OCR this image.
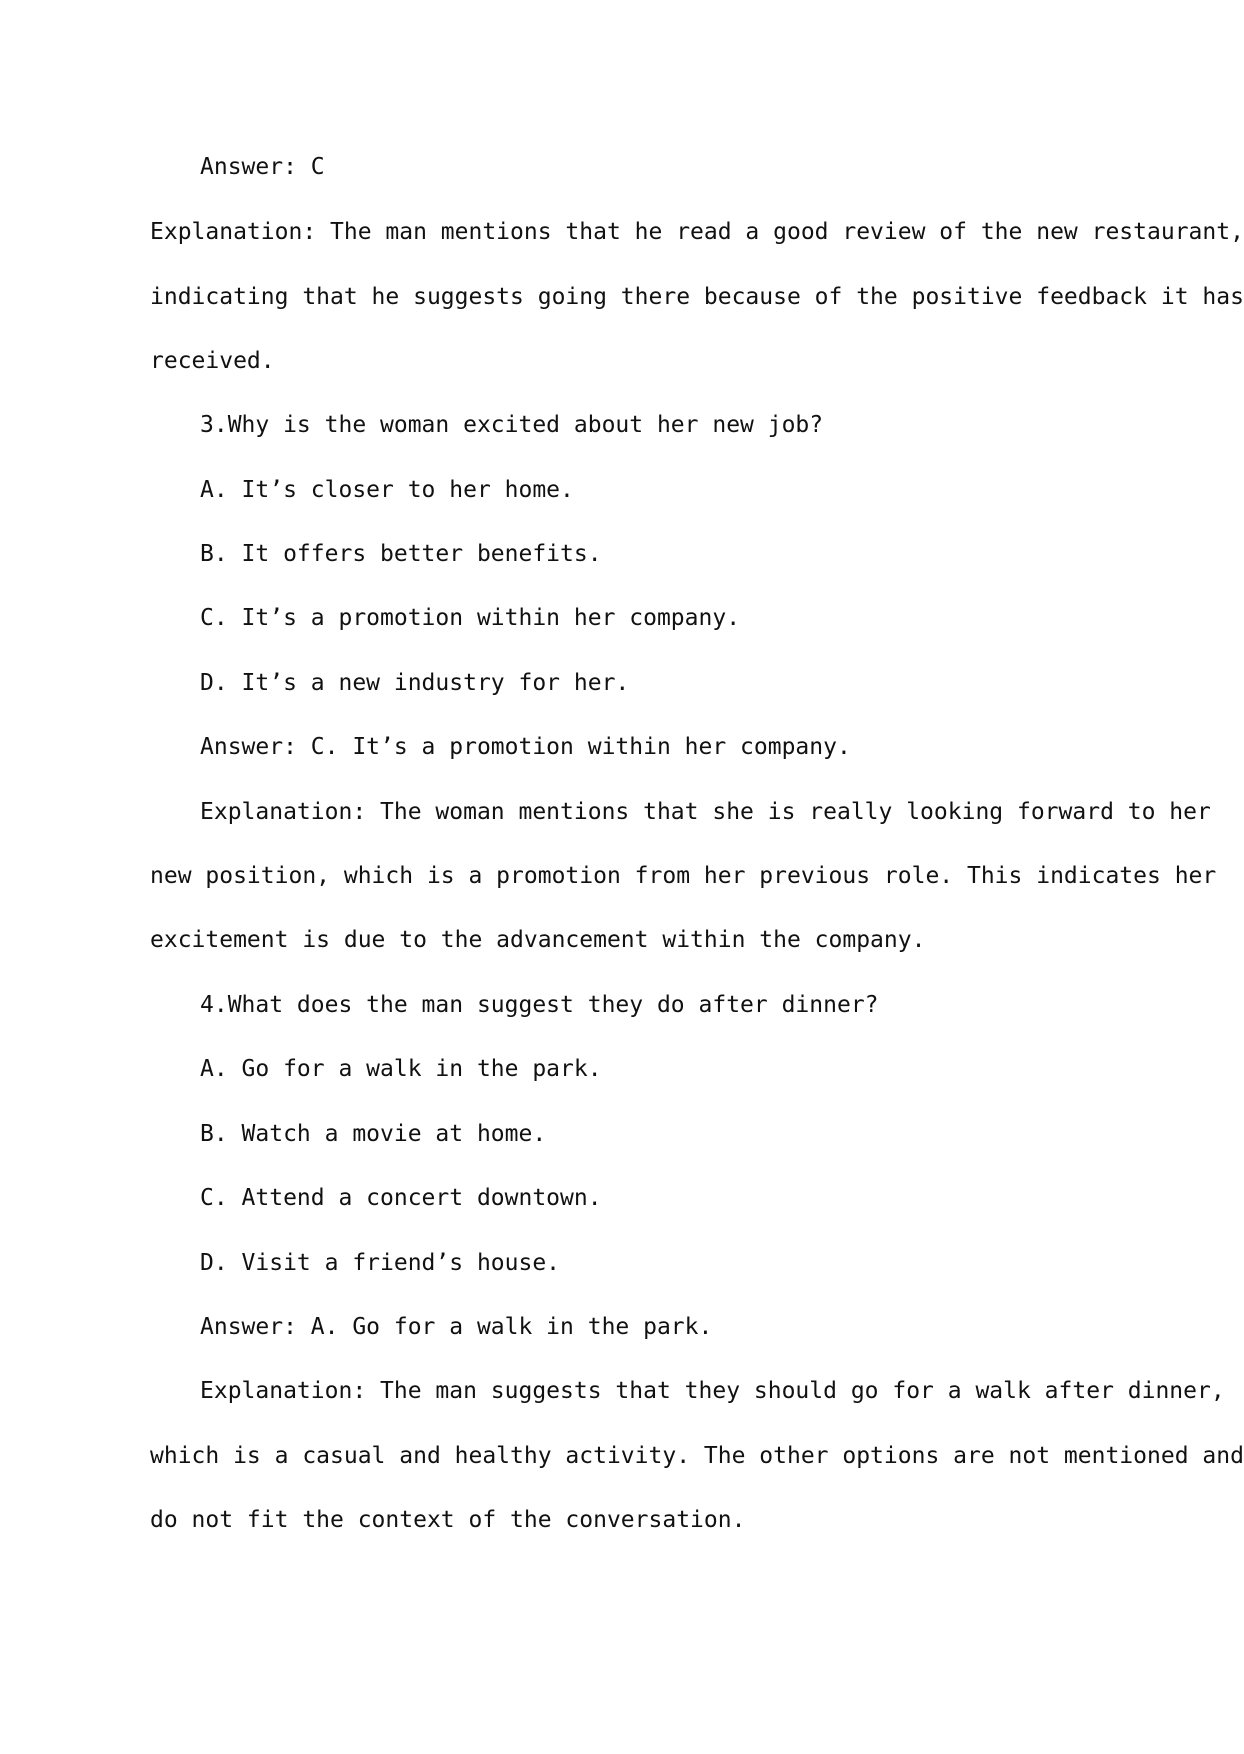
Answer: C
Explanation: The man mentions that he read a good review of the new restaurant,
indicating that he suggests going there because of the positive feedback it has
received.
3.Why is the woman excited about her new job?
A. It’s closer to her home.
B. It offers better benefits.
C. It’s a promotion within her company.
D. It’s a new industry for her.
Answer: C. It’s a promotion within her company.
Explanation: The woman mentions that she is really looking forward to her
new position, which is a promotion from her previous role. This indicates her
excitement is due to the advancement within the company.
4.What does the man suggest they do after dinner?
A. Go for a walk in the park.
B. Watch a movie at home.
C. Attend a concert downtown.
D. Visit a friend’s house.
Answer: A. Go for a walk in the park.
Explanation: The man suggests that they should go for a walk after dinner,
which is a casual and healthy activity. The other options are not mentioned and
do not fit the context of the conversation.
